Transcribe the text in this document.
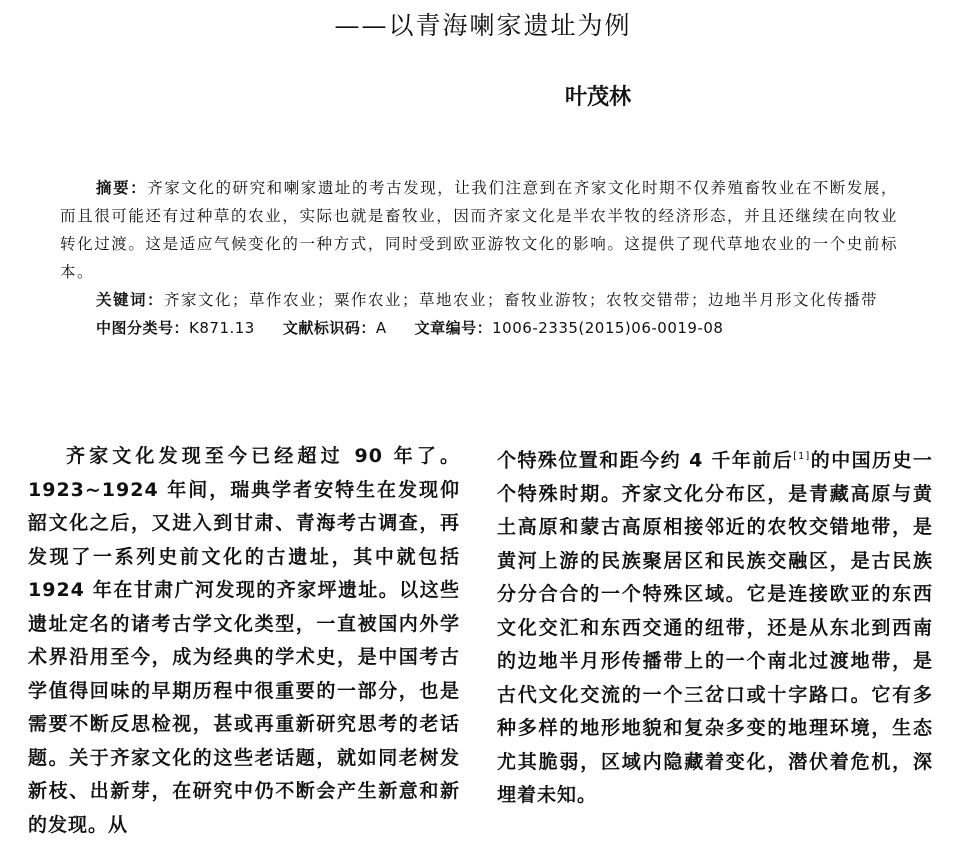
——以青海喇家遗址为例
叶茂林

摘要：齐家文化的研究和喇家遗址的考古发现，让我们注意到在齐家文化时期不仅养殖畜牧业在不断发展，而且很可能还有过种草的农业，实际也就是畜牧业，因而齐家文化是半农半牧的经济形态，并且还继续在向牧业转化过渡。这是适应气候变化的一种方式，同时受到欧亚游牧文化的影响。这提供了现代草地农业的一个史前标本。

关键词：齐家文化；草作农业；粟作农业；草地农业；畜牧业游牧；农牧交错带；边地半月形文化传播带

中图分类号：K871.13 文献标识码：A 文章编号：1006-2335(2015)06-0019-08

齐家文化发现至今已经超过 90 年了。1923~1924 年间，瑞典学者安特生在发现仰韶文化之后，又进入到甘肃、青海考古调查，再发现了一系列史前文化的古遗址，其中就包括 1924 年在甘肃广河发现的齐家坪遗址。以这些遗址定名的诸考古学文化类型，一直被国内外学术界沿用至今，成为经典的学术史，是中国考古学值得回味的早期历程中很重要的一部分，也是需要不断反思检视，甚或再重新研究思考的老话题。关于齐家文化的这些老话题，就如同老树发新枝、出新芽，在研究中仍不断会产生新意和新的发现。从

个特殊位置和距今约 4 千年前后[1]的中国历史一个特殊时期。齐家文化分布区，是青藏高原与黄土高原和蒙古高原相接邻近的农牧交错地带，是黄河上游的民族聚居区和民族交融区，是古民族分分合合的一个特殊区域。它是连接欧亚的东西文化交汇和东西交通的纽带，还是从东北到西南的边地半月形传播带上的一个南北过渡地带，是古代文化交流的一个三岔口或十字路口。它有多种多样的地形地貌和复杂多变的地理环境，生态尤其脆弱，区域内隐藏着变化，潜伏着危机，深埋着未知。
